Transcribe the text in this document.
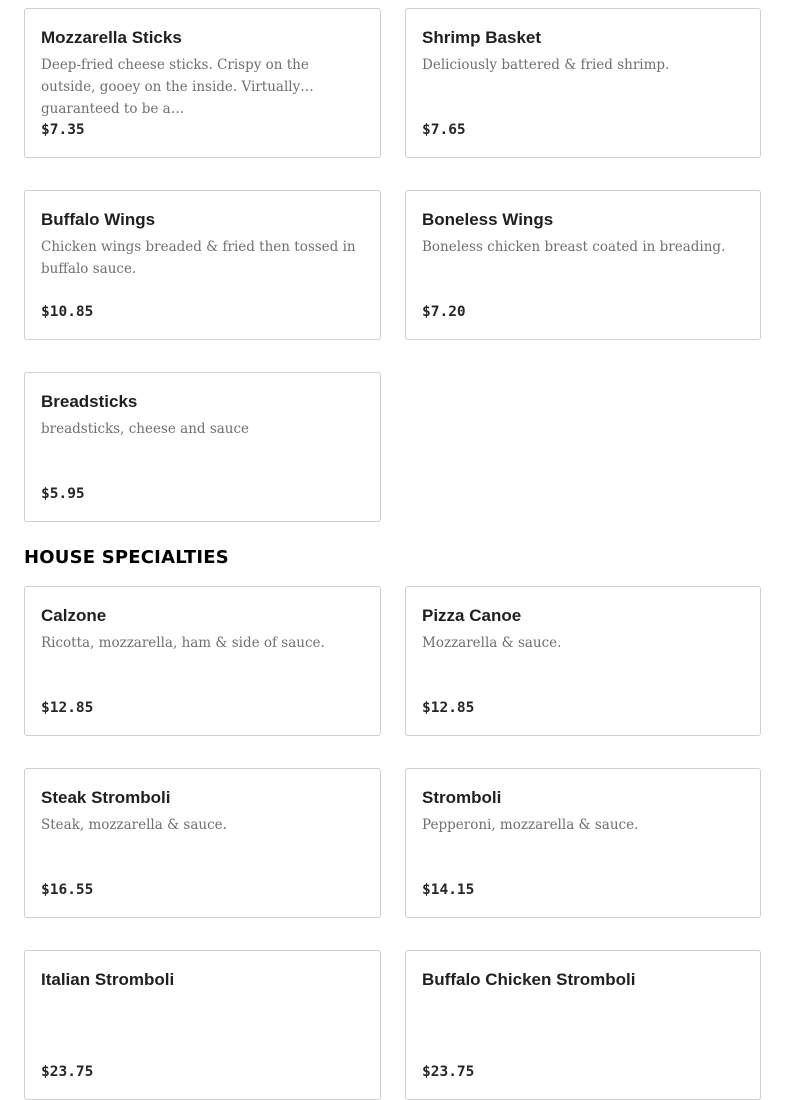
Mozzarella Sticks
Deep-fried cheese sticks. Crispy on the outside, gooey on the inside. Virtually guaranteed to be a…
$7.35
Shrimp Basket
Deliciously battered & fried shrimp.
$7.65
Buffalo Wings
Chicken wings breaded & fried then tossed in buffalo sauce.
$10.85
Boneless Wings
Boneless chicken breast coated in breading.
$7.20
Breadsticks
breadsticks, cheese and sauce
$5.95
HOUSE SPECIALTIES
Calzone
Ricotta, mozzarella, ham & side of sauce.
$12.85
Pizza Canoe
Mozzarella & sauce.
$12.85
Steak Stromboli
Steak, mozzarella & sauce.
$16.55
Stromboli
Pepperoni, mozzarella & sauce.
$14.15
Italian Stromboli
$23.75
Buffalo Chicken Stromboli
$23.75
